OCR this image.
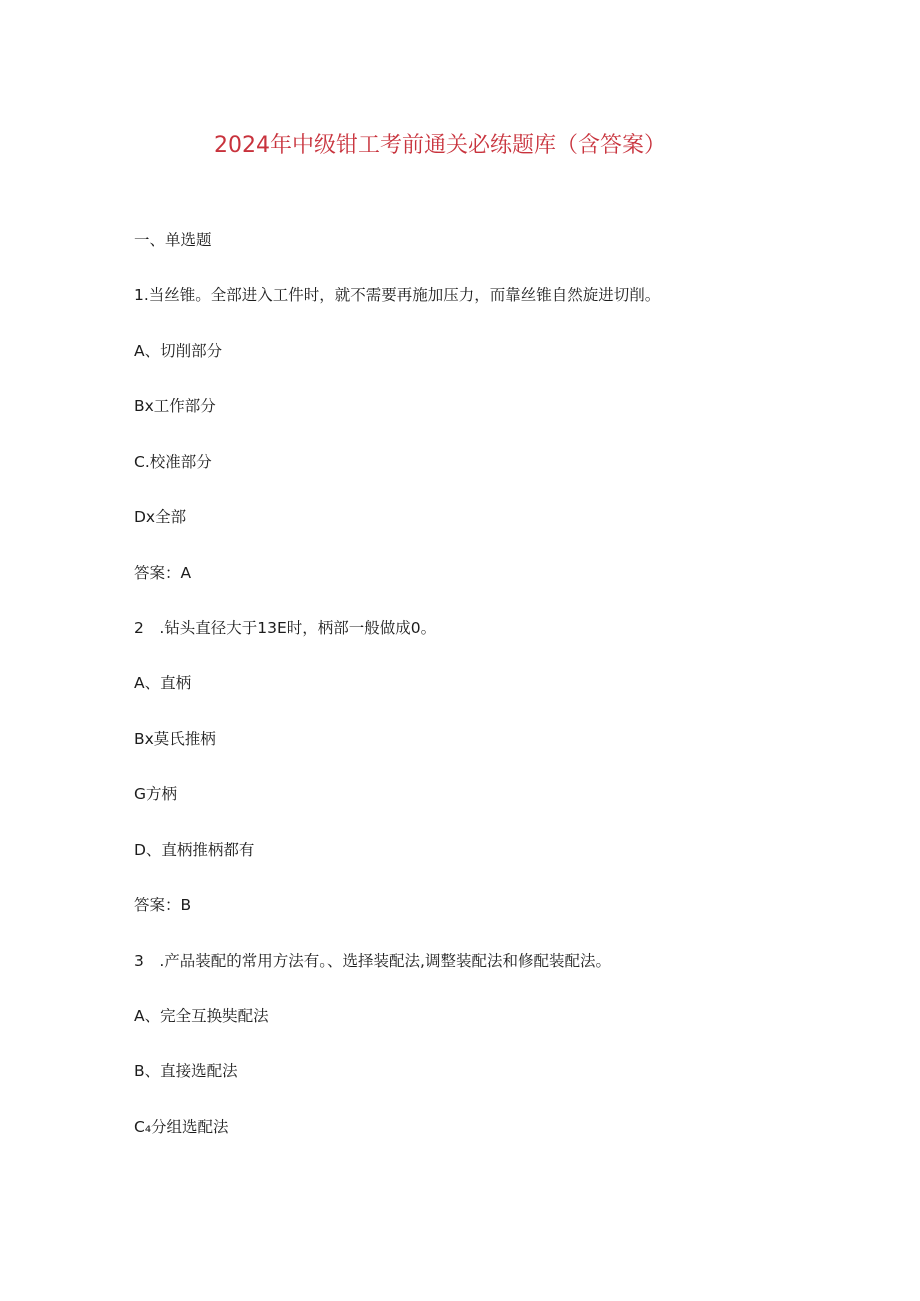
2024年中级钳工考前通关必练题库（含答案）
一、单选题
1.当丝锥。全部进入工件时，就不需要再施加压力，而靠丝锥自然旋进切削。
A、切削部分
Bx工作部分
C.校准部分
Dx全部
答案：A
2 .钻头直径大于13E时，柄部一般做成0。
A、直柄
Bx莫氏推柄
G方柄
D、直柄推柄都有
答案：B
3 .产品装配的常用方法有。、选择装配法,调整装配法和修配装配法。
A、完全互换奘配法
B、直接选配法
C₄分组选配法
